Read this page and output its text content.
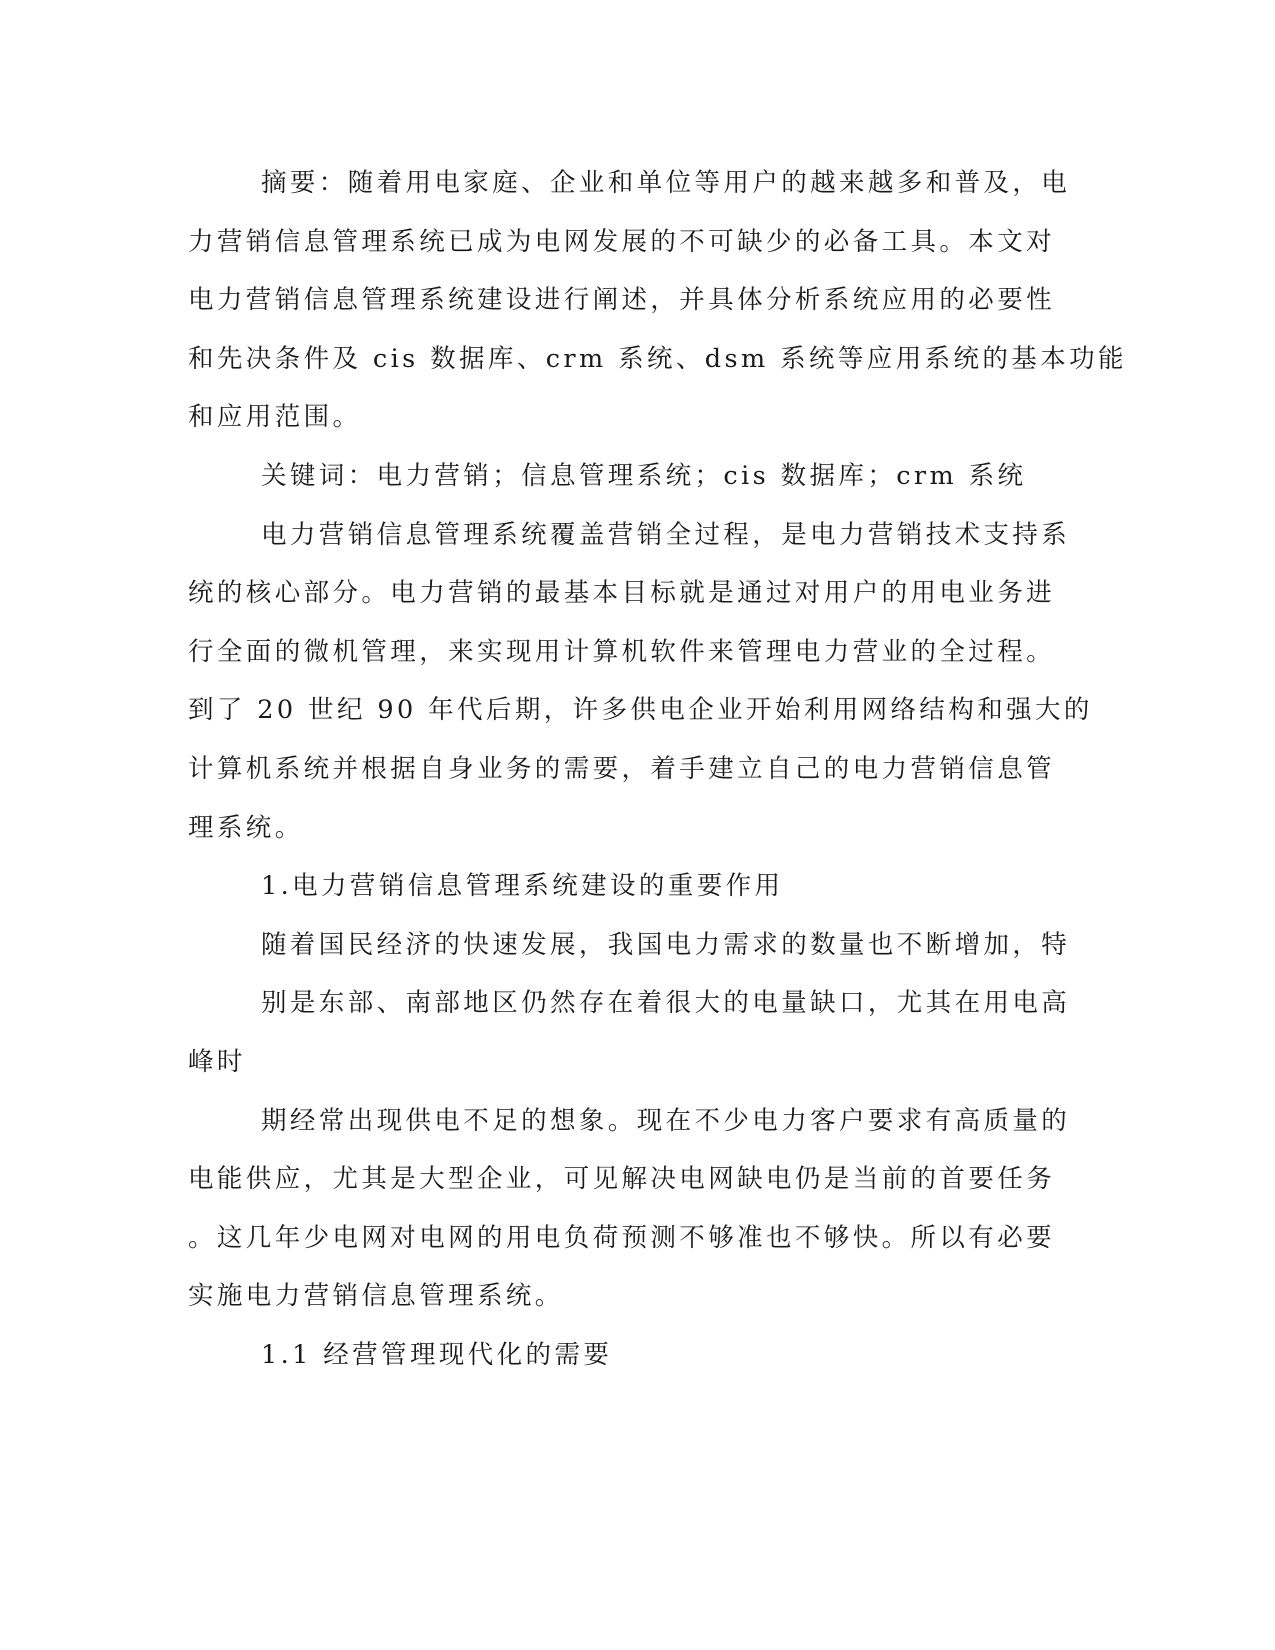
摘要：随着用电家庭、企业和单位等用户的越来越多和普及，电
力营销信息管理系统已成为电网发展的不可缺少的必备工具。本文对
电力营销信息管理系统建设进行阐述，并具体分析系统应用的必要性
和先决条件及 cis 数据库、crm 系统、dsm 系统等应用系统的基本功能
和应用范围。
关键词：电力营销；信息管理系统；cis 数据库；crm 系统
电力营销信息管理系统覆盖营销全过程，是电力营销技术支持系
统的核心部分。电力营销的最基本目标就是通过对用户的用电业务进
行全面的微机管理，来实现用计算机软件来管理电力营业的全过程。
到了 20 世纪 90 年代后期，许多供电企业开始利用网络结构和强大的
计算机系统并根据自身业务的需要，着手建立自己的电力营销信息管
理系统。
1.电力营销信息管理系统建设的重要作用
随着国民经济的快速发展，我国电力需求的数量也不断增加，特
别是东部、南部地区仍然存在着很大的电量缺口，尤其在用电高
峰时
期经常出现供电不足的想象。现在不少电力客户要求有高质量的
电能供应，尤其是大型企业，可见解决电网缺电仍是当前的首要任务
。这几年少电网对电网的用电负荷预测不够准也不够快。所以有必要
实施电力营销信息管理系统。
1.1 经营管理现代化的需要
